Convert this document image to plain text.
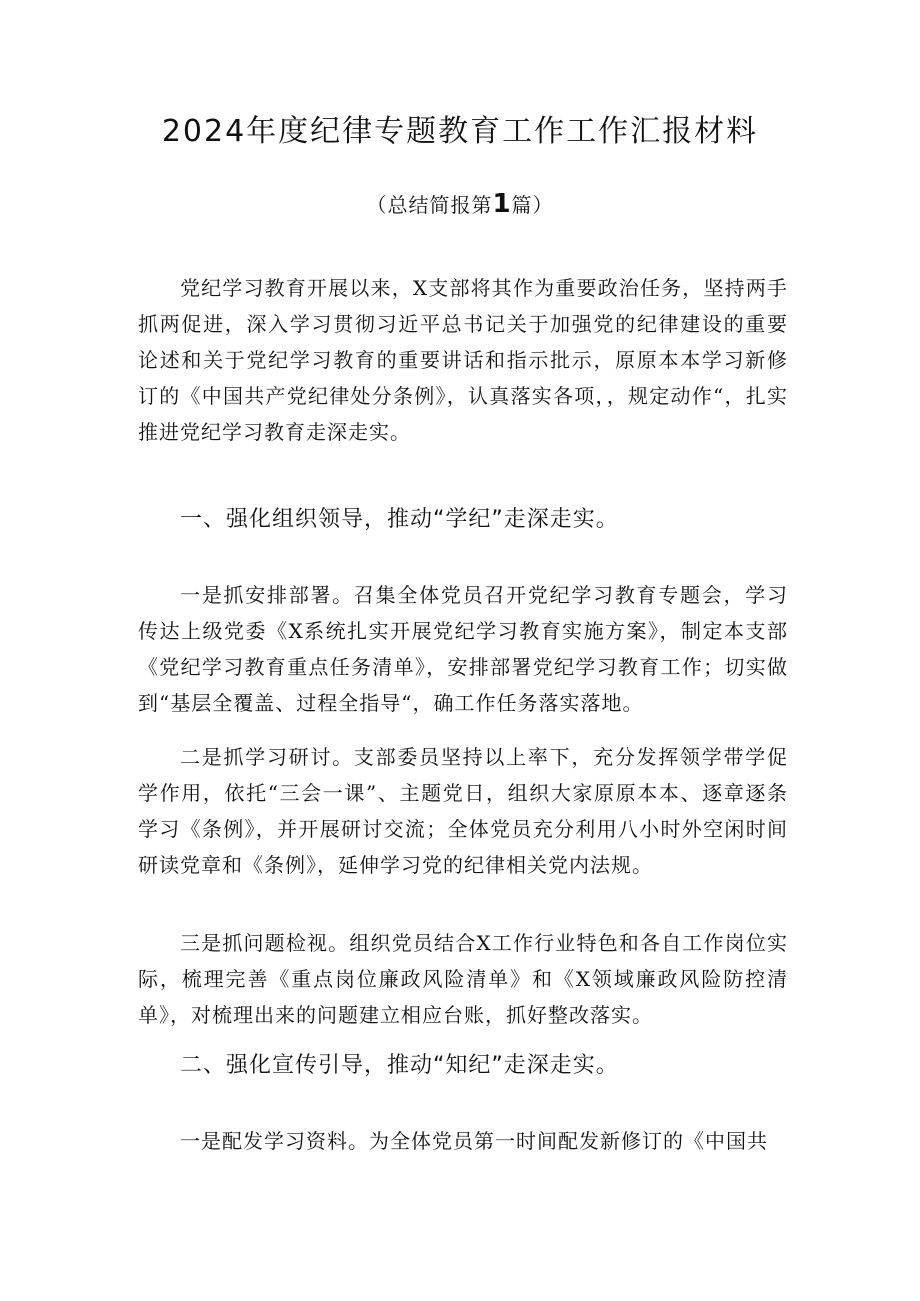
2024年度纪律专题教育工作工作汇报材料
（总结简报第1篇）

党纪学习教育开展以来，X支部将其作为重要政治任务，坚持两手抓两促进，深入学习贯彻习近平总书记关于加强党的纪律建设的重要论述和关于党纪学习教育的重要讲话和指示批示，原原本本学习新修订的《中国共产党纪律处分条例》，认真落实各项，，规定动作“，扎实推进党纪学习教育走深走实。

一、强化组织领导，推动“学纪”走深走实。

一是抓安排部署。召集全体党员召开党纪学习教育专题会，学习传达上级党委《X系统扎实开展党纪学习教育实施方案》，制定本支部《党纪学习教育重点任务清单》，安排部署党纪学习教育工作；切实做到“基层全覆盖、过程全指导“，确工作任务落实落地。

二是抓学习研讨。支部委员坚持以上率下，充分发挥领学带学促学作用，依托“三会一课”、主题党日，组织大家原原本本、逐章逐条学习《条例》，并开展研讨交流；全体党员充分利用八小时外空闲时间研读党章和《条例》，延伸学习党的纪律相关党内法规。

三是抓问题检视。组织党员结合X工作行业特色和各自工作岗位实际，梳理完善《重点岗位廉政风险清单》和《X领域廉政风险防控清单》，对梳理出来的问题建立相应台账，抓好整改落实。

二、强化宣传引导，推动“知纪”走深走实。

一是配发学习资料。为全体党员第一时间配发新修订的《中国共
